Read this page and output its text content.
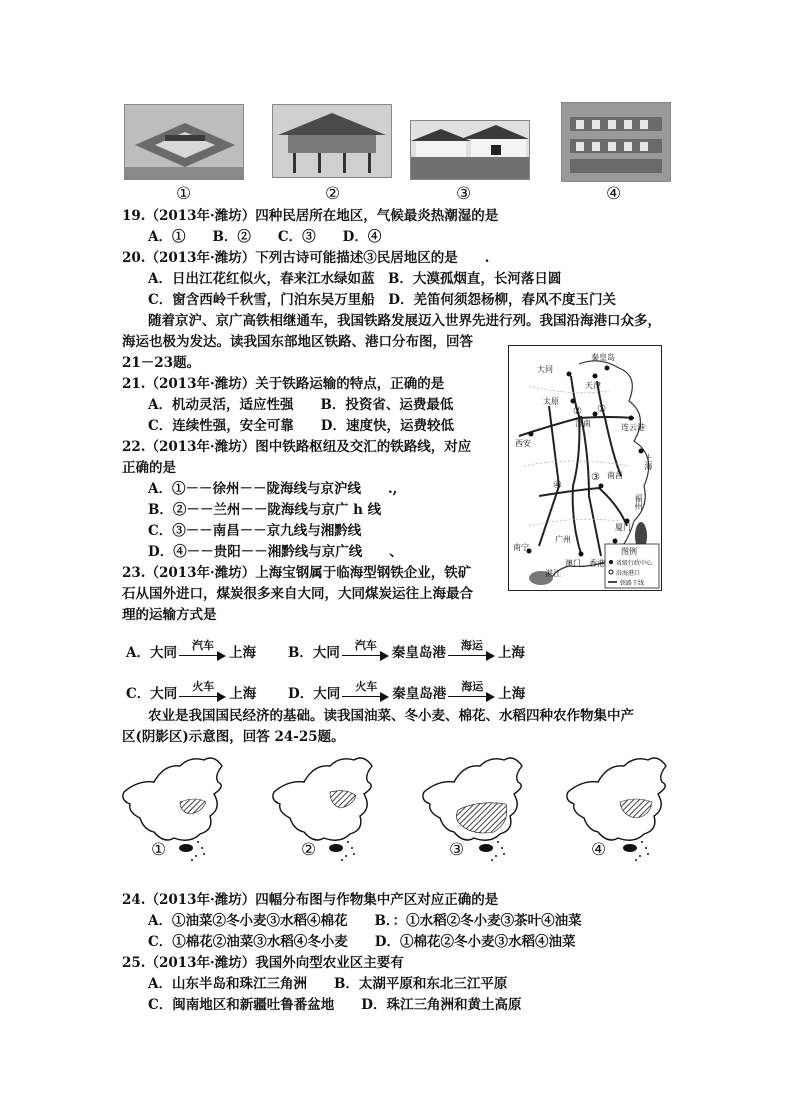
①	②	③	④
19.（2013年·潍坊）四种民居所在地区，气候最炎热潮湿的是
A．①　　B．②　　C．③　　D．④
20.（2013年·潍坊）下列古诗可能描述③民居地区的是　　.
A．日出江花红似火，春来江水绿如蓝　B．大漠孤烟直，长河落日圆
C．窗含西岭千秋雪，门泊东吴万里船　D．羌笛何须怨杨柳，春风不度玉门关
随着京沪、京广高铁相继通车，我国铁路发展迈入世界先进行列。我国沿海港口众多，
海运也极为发达。读我国东部地区铁路、港口分布图，回答
21－23题。	秦皇岛
天津
大同
太原
济南	连云港
西安
上海
南昌
福州
厦门
广州
香港
澳门
南宁
湛江
①
②
③
④
图例
省级行政中心
沿海港口
铁路干线
21.（2013年·潍坊）关于铁路运输的特点，正确的是
A．机动灵活，适应性强　　B．投资省、运费最低
C．连续性强，安全可靠　　D．速度快，运费较低
22.（2013年·潍坊）图中铁路枢纽及交汇的铁路线，对应
正确的是
A．①－－徐州－－陇海线与京沪线　　.,
B．②－－兰州－－陇海线与京广 h 线
C．③－－南昌－－京九线与湘黔线
D．④－－贵阳－－湘黔线与京广线　　、
23.（2013年·潍坊）上海宝钢属于临海型钢铁企业，铁矿
石从国外进口，煤炭很多来自大同，大同煤炭运往上海最合
理的运输方式是
A．大同	汽车	上海 B．大同	汽车	秦皇岛港	海运	上海
C．大同	火车	上海 D．大同	火车	秦皇岛港	海运	上海
农业是我国国民经济的基础。读我国油菜、冬小麦、棉花、水稻四种农作物集中产
区(阴影区)示意图，回答 24-25题。
①	②	③	④
24.（2013年·潍坊）四幅分布图与作物集中产区对应正确的是
A．①油菜②冬小麦③水稻④棉花　　B．：①水稻②冬小麦③茶叶④油菜
C．①棉花②油菜③水稻④冬小麦　　D．①棉花②冬小麦③水稻④油菜
25.（2013年·潍坊）我国外向型农业区主要有
A．山东半岛和珠江三角洲　　B．太湖平原和东北三江平原
C．闽南地区和新疆吐鲁番盆地　　D．珠江三角洲和黄土高原
